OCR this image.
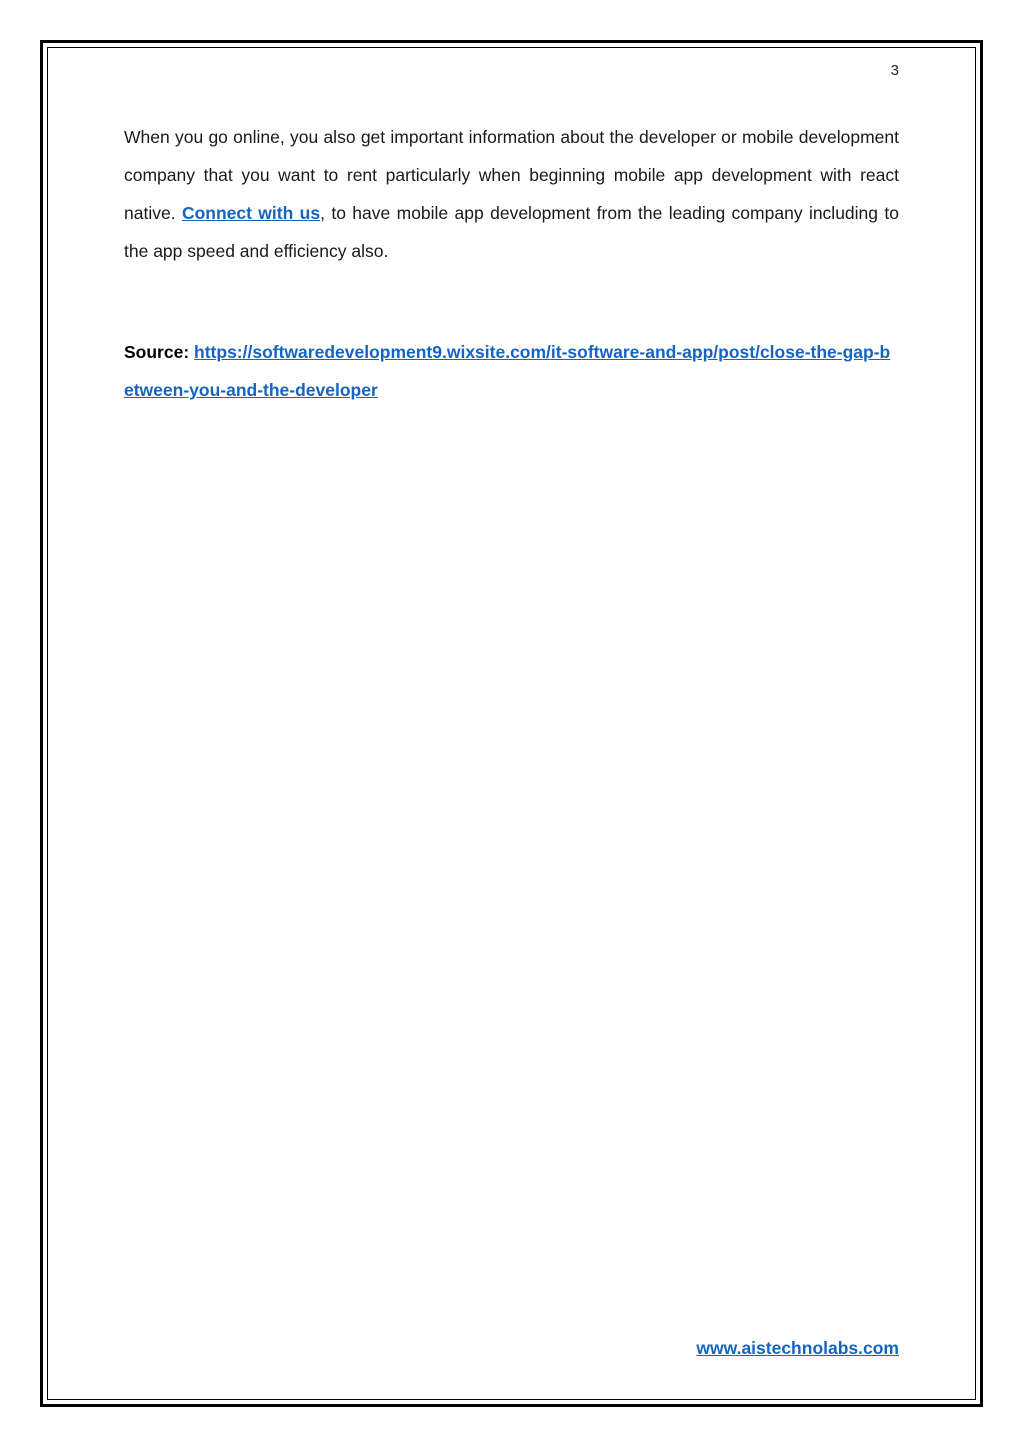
3

When you go online, you also get important information about the developer or mobile development company that you want to rent particularly when beginning mobile app development with react native. Connect with us, to have mobile app development from the leading company including to the app speed and efficiency also.

Source: https://softwaredevelopment9.wixsite.com/it-software-and-app/post/close-the-gap-between-you-and-the-developer

www.aistechnolabs.com
